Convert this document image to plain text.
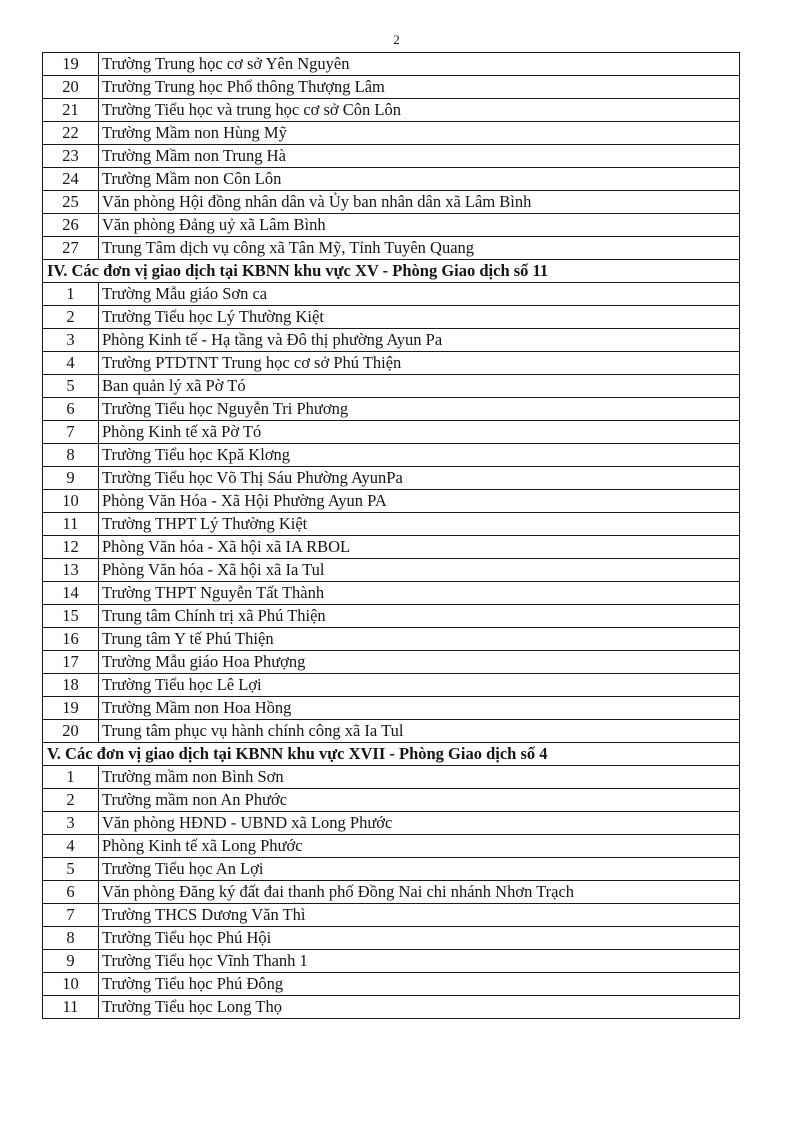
2
19	Trường Trung học cơ sở Yên Nguyên
20	Trường Trung học Phổ thông Thượng Lâm
21	Trường Tiểu học và trung học cơ sở Côn Lôn
22	Trường Mầm non Hùng Mỹ
23	Trường Mầm non Trung Hà
24	Trường Mầm non Côn Lôn
25	Văn phòng Hội đồng nhân dân và Ủy ban nhân dân xã Lâm Bình
26	Văn phòng Đảng uỷ xã Lâm Bình
27	Trung Tâm dịch vụ công xã Tân Mỹ, Tỉnh Tuyên Quang
IV. Các đơn vị giao dịch tại KBNN khu vực XV - Phòng Giao dịch số 11	
1	Trường Mẫu giáo Sơn ca
2	Trường Tiểu học Lý Thường Kiệt
3	Phòng Kinh tế - Hạ tầng và Đô thị phường Ayun Pa
4	Trường PTDTNT Trung học cơ sở Phú Thiện
5	Ban quản lý xã Pờ Tó
6	Trường Tiểu học Nguyễn Tri Phương
7	Phòng Kinh tế xã Pờ Tó
8	Trường Tiểu học Kpă Klơng
9	Trường Tiểu học Võ Thị Sáu Phường AyunPa
10	Phòng Văn Hóa - Xã Hội Phường Ayun PA
11	Trường THPT Lý Thường Kiệt
12	Phòng Văn hóa - Xã hội xã IA RBOL
13	Phòng Văn hóa - Xã hội xã Ia Tul
14	Trường THPT Nguyễn Tất Thành
15	Trung tâm Chính trị xã Phú Thiện
16	Trung tâm Y tế Phú Thiện
17	Trường Mẫu giáo Hoa Phượng
18	Trường Tiểu học Lê Lợi
19	Trường Mầm non Hoa Hồng
20	Trung tâm phục vụ hành chính công xã Ia Tul
V. Các đơn vị giao dịch tại KBNN khu vực XVII - Phòng Giao dịch số 4	
1	Trường mầm non Bình Sơn
2	Trường mầm non An Phước
3	Văn phòng HĐND - UBND xã Long Phước
4	Phòng Kinh tế xã Long Phước
5	Trường Tiểu học An Lợi
6	Văn phòng Đăng ký đất đai thanh phố Đồng Nai chi nhánh Nhơn Trạch
7	Trường THCS Dương Văn Thì
8	Trường Tiểu học Phú Hội
9	Trường Tiểu học Vĩnh Thanh 1
10	Trường Tiểu học Phú Đông
11	Trường Tiểu học Long Thọ
